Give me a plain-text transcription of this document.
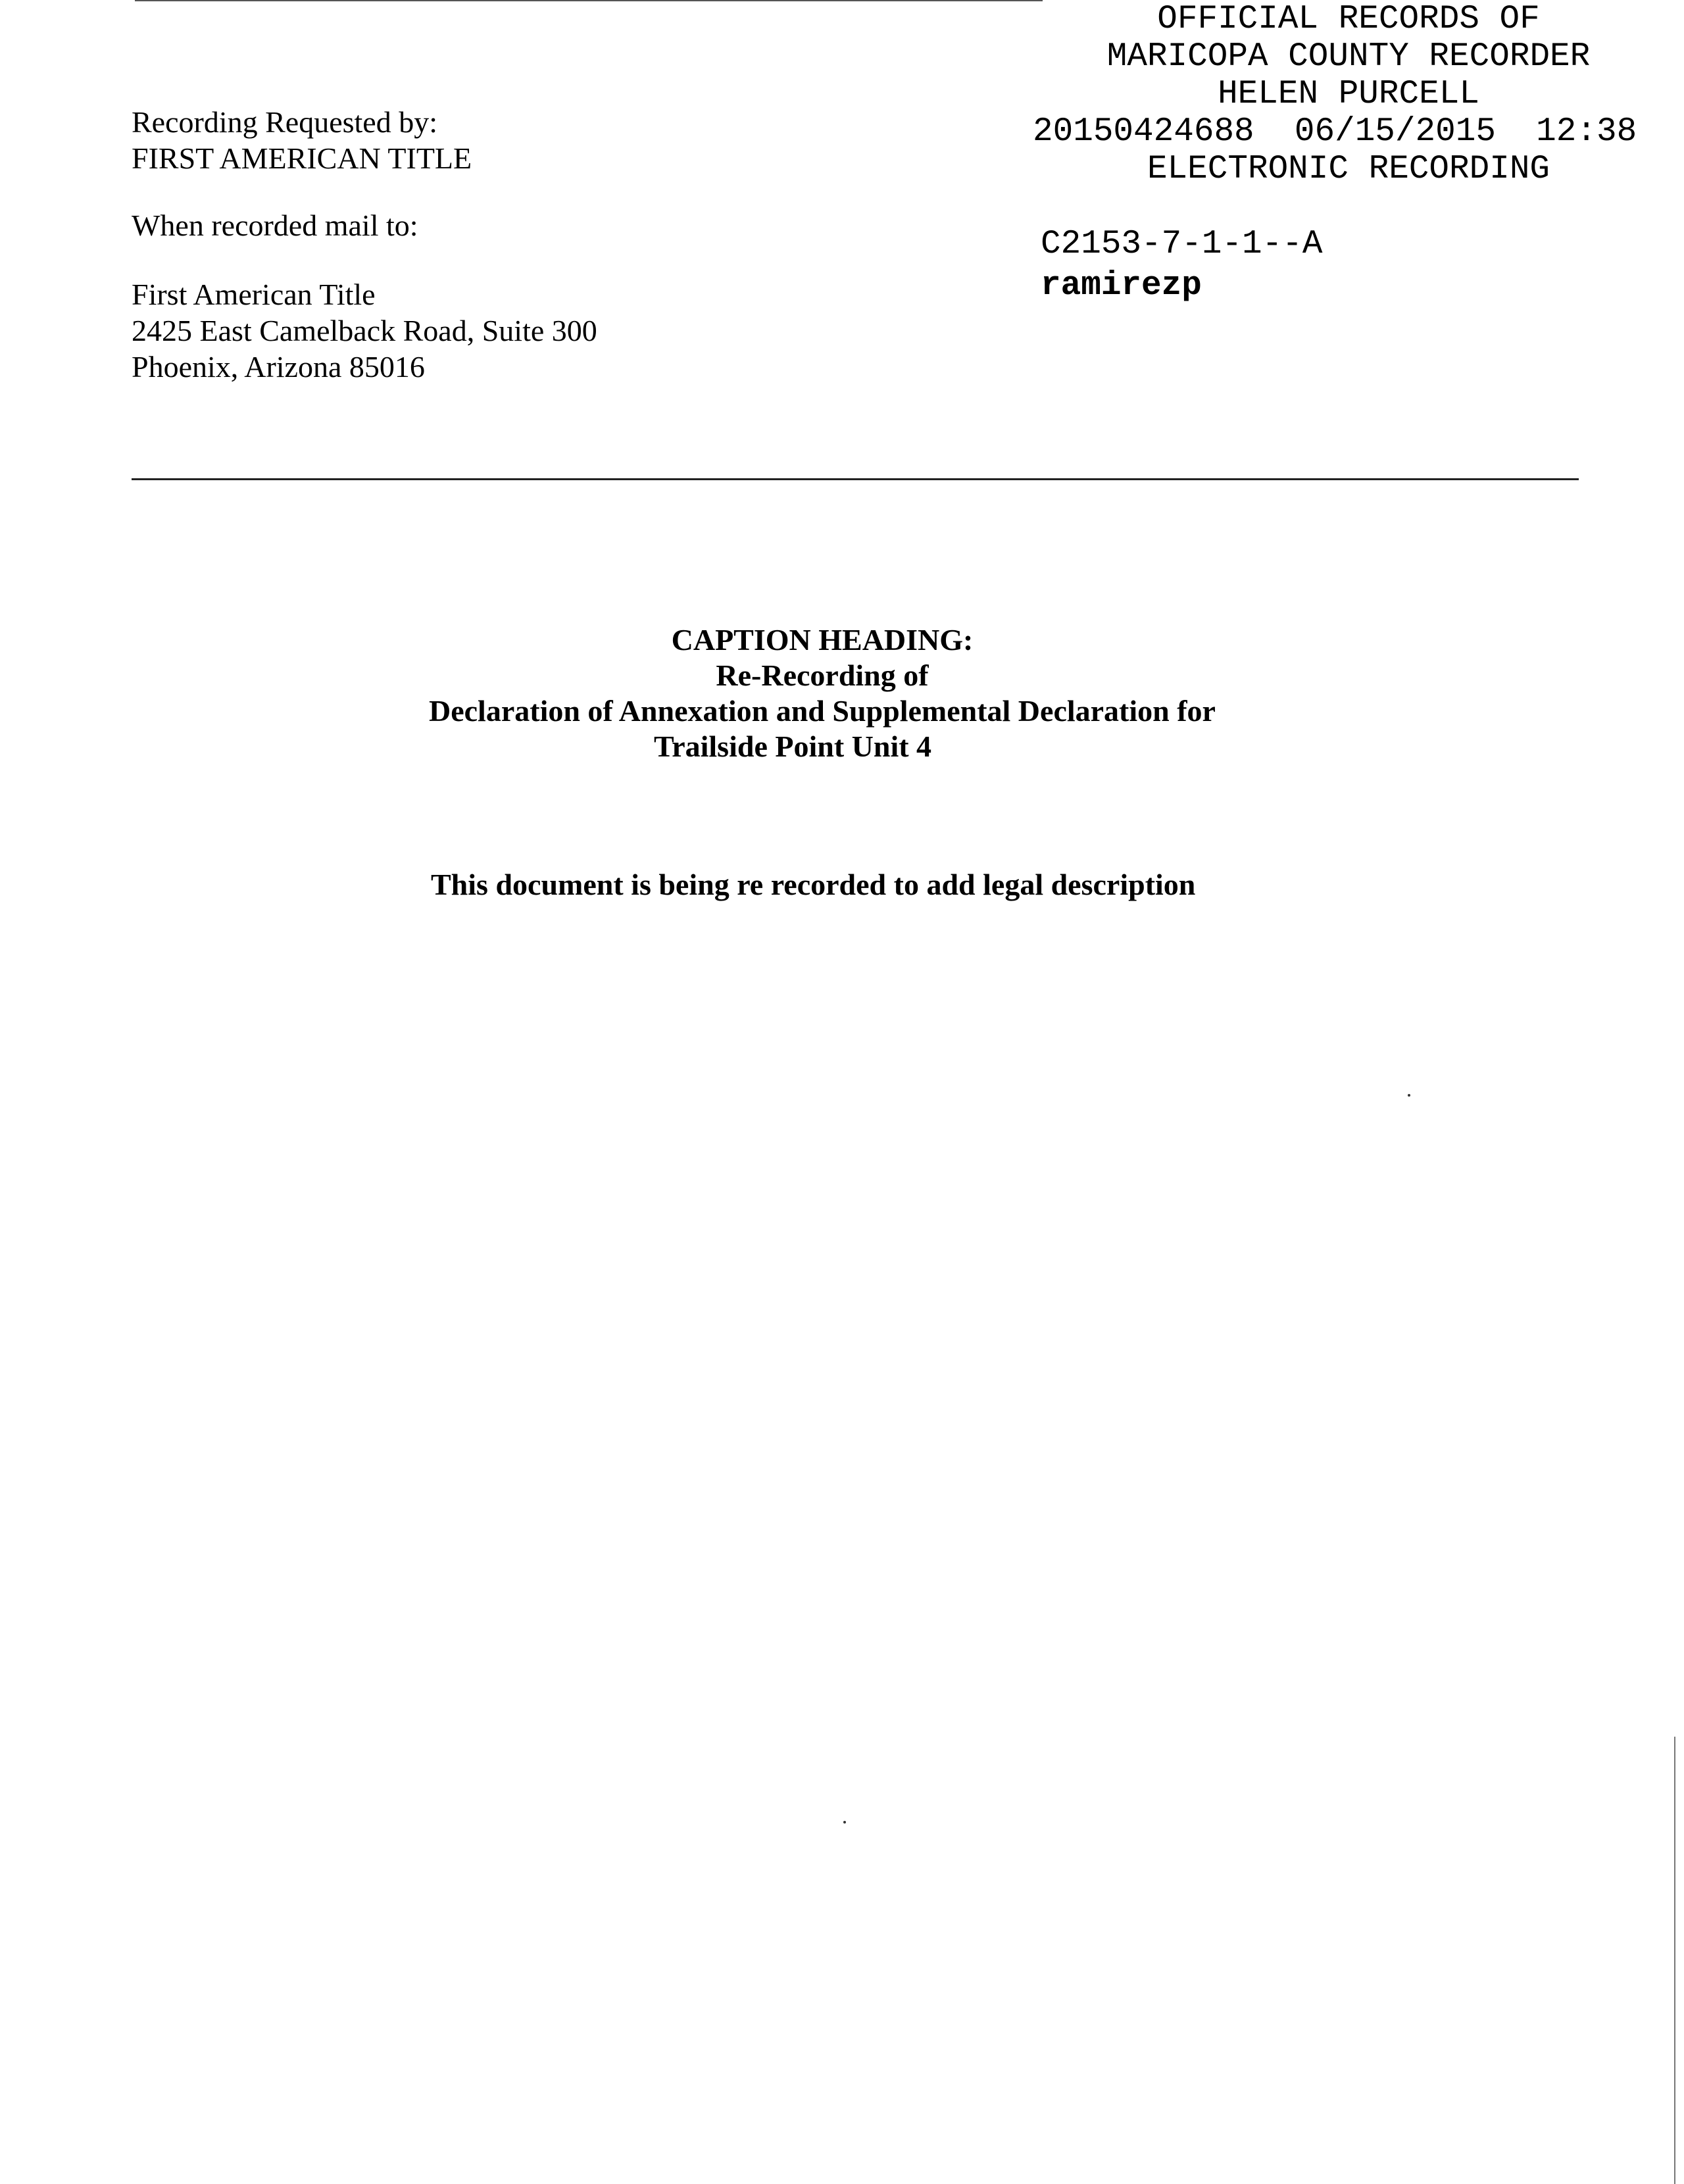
Recording Requested by:
FIRST AMERICAN TITLE
When recorded mail to:
First American Title
2425 East Camelback Road, Suite 300
Phoenix, Arizona 85016
OFFICIAL RECORDS OF
MARICOPA COUNTY RECORDER
HELEN PURCELL
20150424688 06/15/2015 12:38
ELECTRONIC RECORDING
C2153-7-1-1--A
ramirezp
CAPTION HEADING:
Re-Recording of
Declaration of Annexation and Supplemental Declaration for
Trailside Point Unit 4
This document is being re recorded to add legal description
